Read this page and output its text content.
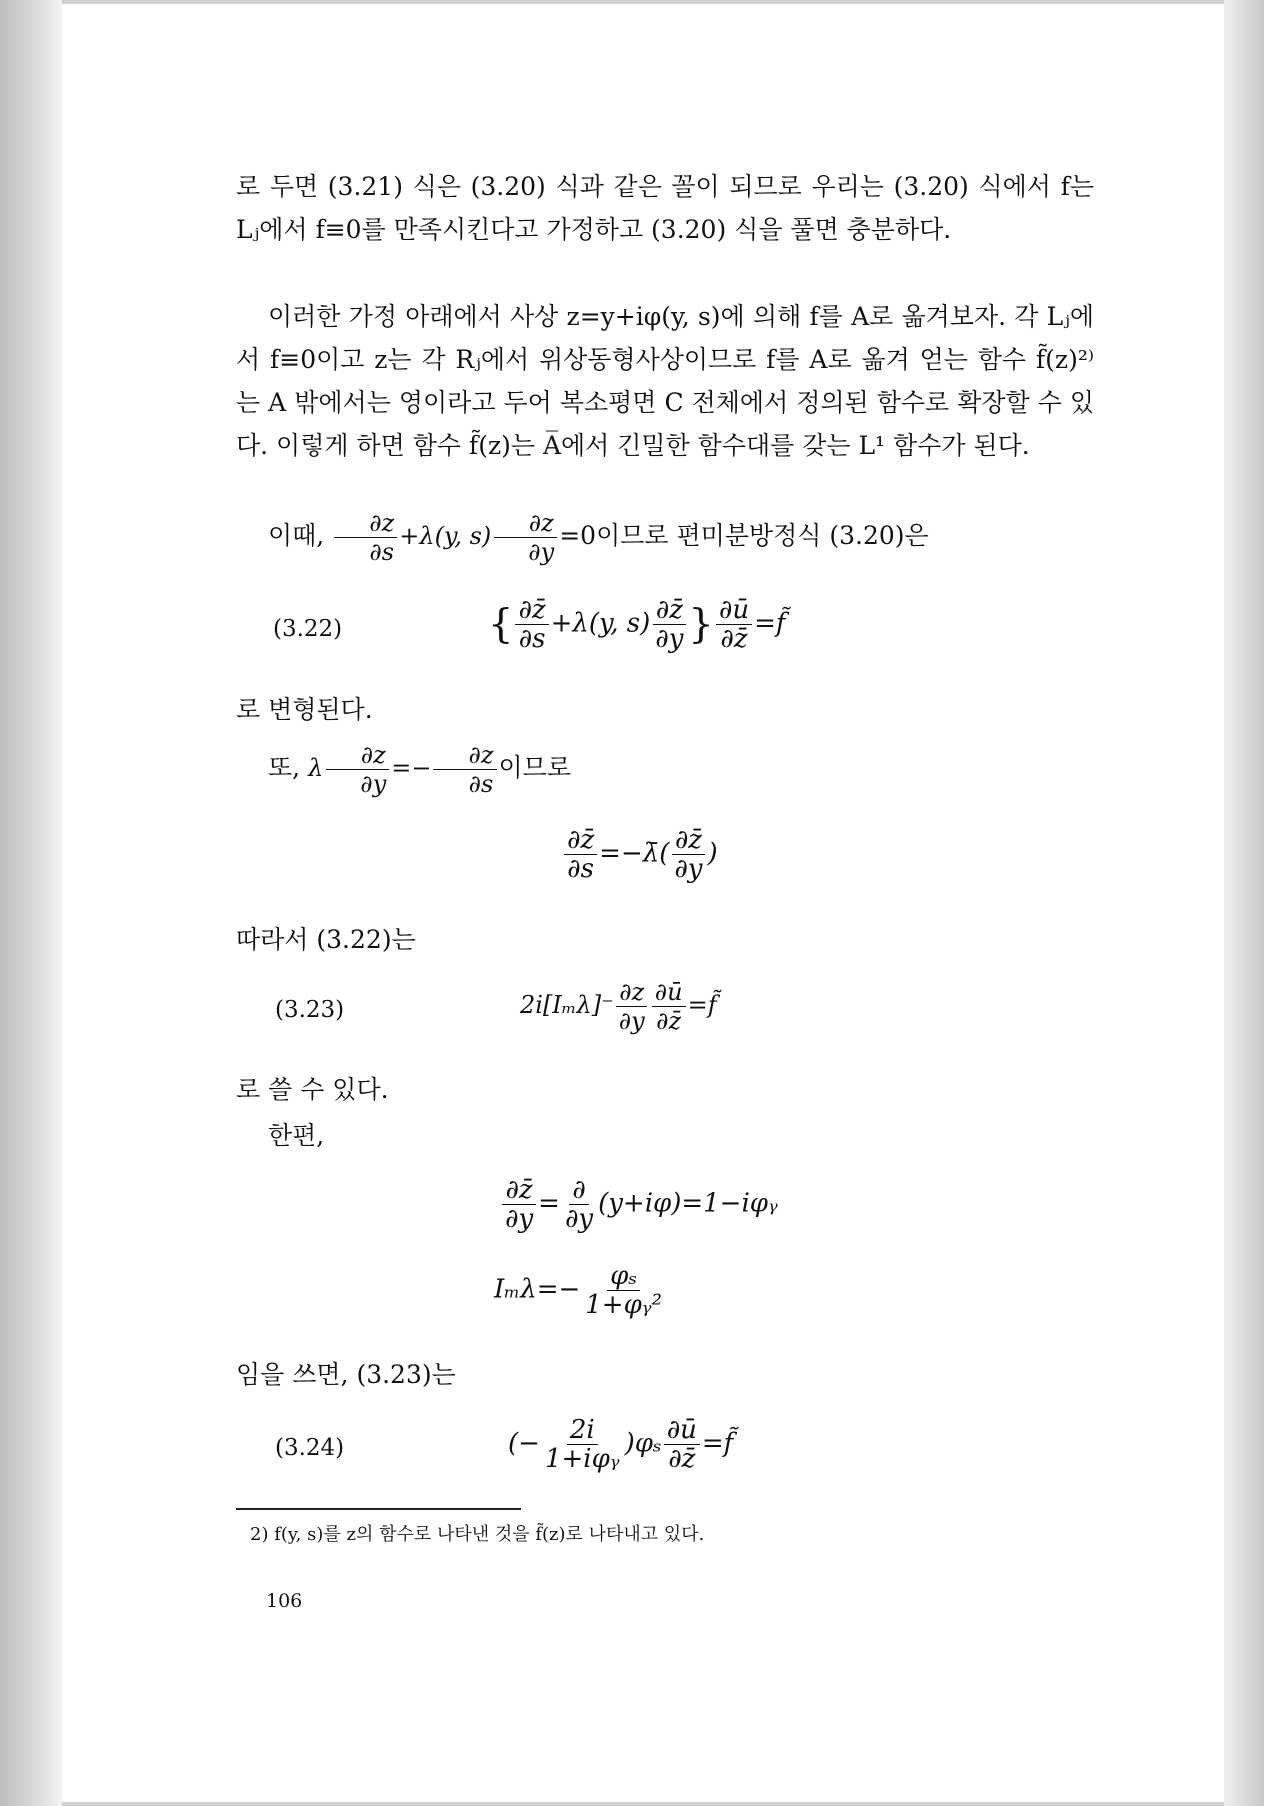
로 두면 (3.21) 식은 (3.20) 식과 같은 꼴이 되므로 우리는 (3.20) 식에서 f는 Lⱼ에서 f≡0를 만족시킨다고 가정하고 (3.20) 식을 풀면 충분하다.

이러한 가정 아래에서 사상 z=y+iφ(y, s)에 의해 f를 A로 옮겨보자. 각 Lⱼ에서 f≡0이고 z는 각 Rⱼ에서 위상동형사상이므로 f를 A로 옮겨 얻는 함수 f̃(z)²⁾는 A 밖에서는 영이라고 두어 복소평면 C 전체에서 정의된 함수로 확장할 수 있다. 이렇게 하면 함수 f̃(z)는 A̅에서 긴밀한 함수대를 갖는 L¹ 함수가 된다.

이때, $\frac{\partial z}{\partial s} +\lambda(y$, $s) \frac{\partial z}{\partial y} =0$이므로 편미분방정식 (3.20)은

(3.22)	{ $\frac{\partial z̄}{\partial s} +\lambda(y$, $s) \frac{\partial z̄}{\partial y}$ } $\frac{\partial ū}{\partial z̄}$ =f̃

로 변형된다.

또, λ $\frac{\partial z}{\partial y} =- \frac{\partial z}{\partial s}$ 이므로

$\frac{\partial z̄}{\partial s}$ =−λ̄( $\frac{\partial z̄}{\partial y}$ )

따라서 (3.22)는

(3.23)	$2i[I_m\lambda]^- \frac{\partial z}{\partial y} \frac{\partial ū}{\partial z̄}$ =f̃

로 쓸 수 있다.

한편,

$\frac{\partial z̄}{\partial y} = \frac{\partial}{\partial y}$ (y+iφ)=1−iφᵧ
$I_m\lambda=- \frac{\text{φₛ}}{\text{1+φᵧ²}}$

임을 쓰면, (3.23)는

(3.24)	(− $\frac{2i}{\text{1+iφᵧ}} )\varphi_s \frac{\partial ū}{\partial z̄}$ =f̃
2) f(y, s)를 z의 함수로 나타낸 것을 f̃(z)로 나타내고 있다.
106
